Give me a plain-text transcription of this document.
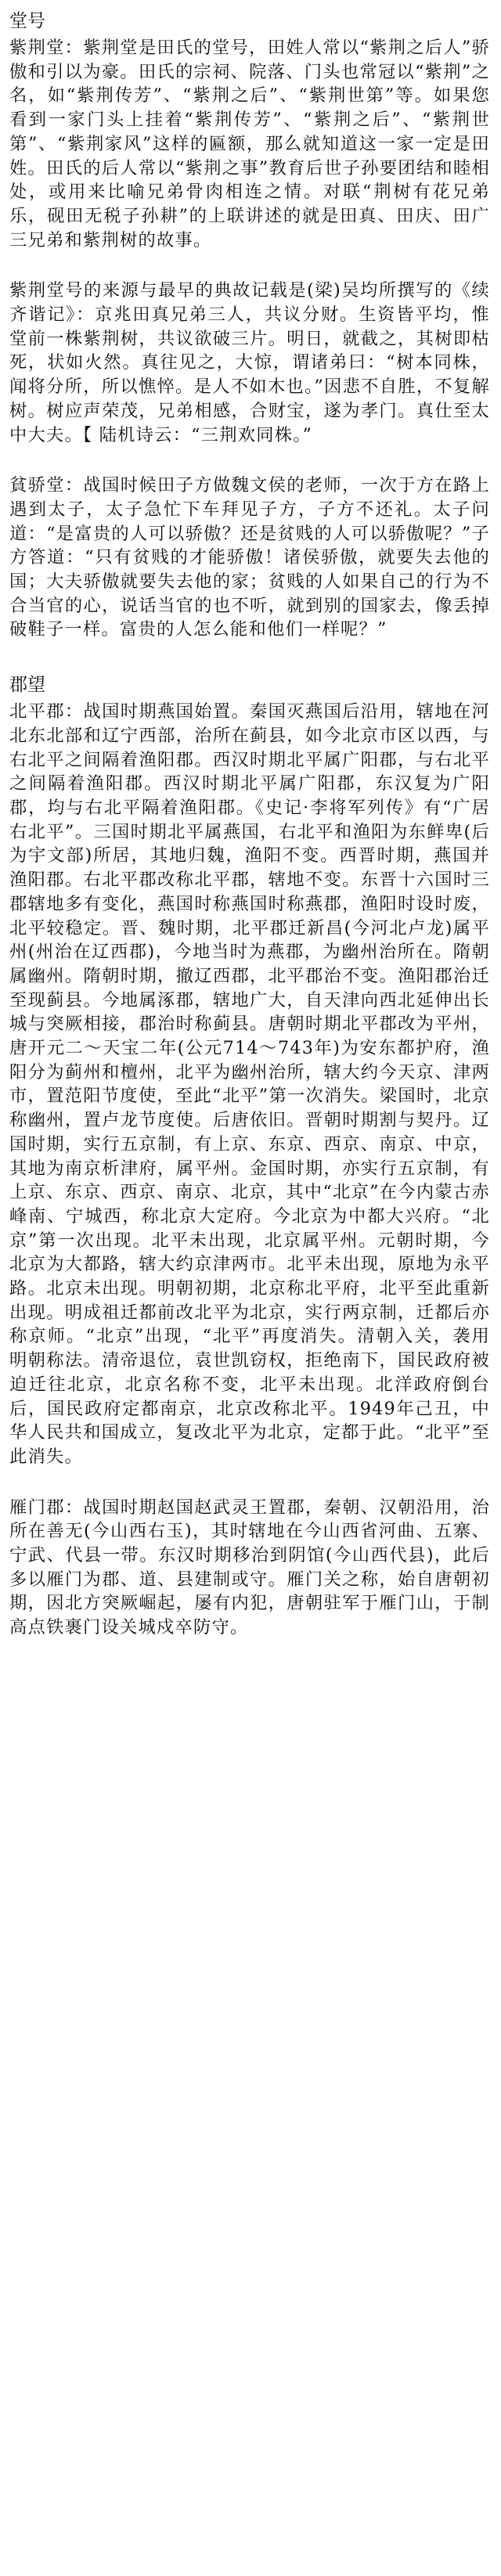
堂号

紫荆堂：紫荆堂是田氏的堂号，田姓人常以“紫荆之后人”骄傲和引以为豪。田氏的宗祠、院落、门头也常冠以“紫荆”之名，如“紫荆传芳”、“紫荆之后”、“紫荆世第”等。如果您看到一家门头上挂着“紫荆传芳”、“紫荆之后”、“紫荆世第”、“紫荆家风”这样的匾额，那么就知道这一家一定是田姓。田氏的后人常以“紫荆之事”教育后世子孙要团结和睦相处，或用来比喻兄弟骨肉相连之情。对联“荆树有花兄弟乐，砚田无税子孙耕”的上联讲述的就是田真、田庆、田广三兄弟和紫荆树的故事。

紫荆堂号的来源与最早的典故记载是(梁)吴均所撰写的《续齐谐记》：京兆田真兄弟三人，共议分财。生资皆平均，惟堂前一株紫荆树，共议欲破三片。明日，就截之，其树即枯死，状如火然。真往见之，大惊，谓诸弟曰：“树本同株，闻将分所，所以憔悴。是人不如木也。”因悲不自胜，不复解树。树应声荣茂，兄弟相感，合财宝，遂为孝门。真仕至太中大夫。【 陆机诗云：“三荆欢同株。”

貧骄堂：战国时候田子方做魏文侯的老师，一次于方在路上遇到太子，太子急忙下车拜见子方，子方不还礼。太子问道：“是富贵的人可以骄傲？还是贫贱的人可以骄傲呢？”子方答道：“只有贫贱的才能骄傲！诸侯骄傲，就要失去他的国；大夫骄傲就要失去他的家；贫贱的人如果自己的行为不合当官的心，说话当官的也不听，就到别的国家去，像丢掉破鞋子一样。富贵的人怎么能和他们一样呢？”

郡望

北平郡：战国时期燕国始置。秦国灭燕国后沿用，辖地在河北东北部和辽宁西部，治所在蓟县，如今北京市区以西，与右北平之间隔着渔阳郡。西汉时期北平属广阳郡，与右北平之间隔着渔阳郡。西汉时期北平属广阳郡，东汉复为广阳郡，均与右北平隔着渔阳郡。《史记·李将军列传》有“广居右北平”。三国时期北平属燕国，右北平和渔阳为东鲜卑(后为宇文部)所居，其地归魏，渔阳不变。西晋时期，燕国并渔阳郡。右北平郡改称北平郡，辖地不变。东晋十六国时三郡辖地多有变化，燕国时称燕国时称燕郡，渔阳时设时废，北平较稳定。晋、魏时期，北平郡迁新昌(今河北卢龙)属平州(州治在辽西郡)，今地当时为燕郡，为幽州治所在。隋朝属幽州。隋朝时期，撤辽西郡，北平郡治不变。渔阳郡治迁至现蓟县。今地属涿郡，辖地广大，自天津向西北延伸出长城与突厥相接，郡治时称蓟县。唐朝时期北平郡改为平州，唐开元二～天宝二年(公元714～743年)为安东都护府，渔阳分为蓟州和檀州，北平为幽州治所，辖大约今天京、津两市，置范阳节度使，至此“北平”第一次消失。梁国时，北京称幽州，置卢龙节度使。后唐依旧。晋朝时期割与契丹。辽国时期，实行五京制，有上京、东京、西京、南京、中京，其地为南京析津府，属平州。金国时期，亦实行五京制，有上京、东京、西京、南京、北京，其中“北京”在今内蒙古赤峰南、宁城西，称北京大定府。今北京为中都大兴府。“北京”第一次出现。北平未出现，北京属平州。元朝时期，今北京为大都路，辖大约京津两市。北平未出现，原地为永平路。北京未出现。明朝初期，北京称北平府，北平至此重新出现。明成祖迁都前改北平为北京，实行两京制，迁都后亦称京师。“北京”出现，“北平”再度消失。清朝入关，袭用明朝称法。清帝退位，袁世凯窃权，拒绝南下，国民政府被迫迁往北京，北京名称不变，北平未出现。北洋政府倒台后，国民政府定都南京，北京改称北平。1949年己丑，中华人民共和国成立，复改北平为北京，定都于此。“北平”至此消失。

雁门郡：战国时期赵国赵武灵王置郡，秦朝、汉朝沿用，治所在善无(今山西右玉)，其时辖地在今山西省河曲、五寨、宁武、代县一带。东汉时期移治到阴馆(今山西代县)，此后多以雁门为郡、道、县建制或守。雁门关之称，始自唐朝初期，因北方突厥崛起，屡有内犯，唐朝驻军于雁门山，于制高点铁裹门设关城戍卒防守。
